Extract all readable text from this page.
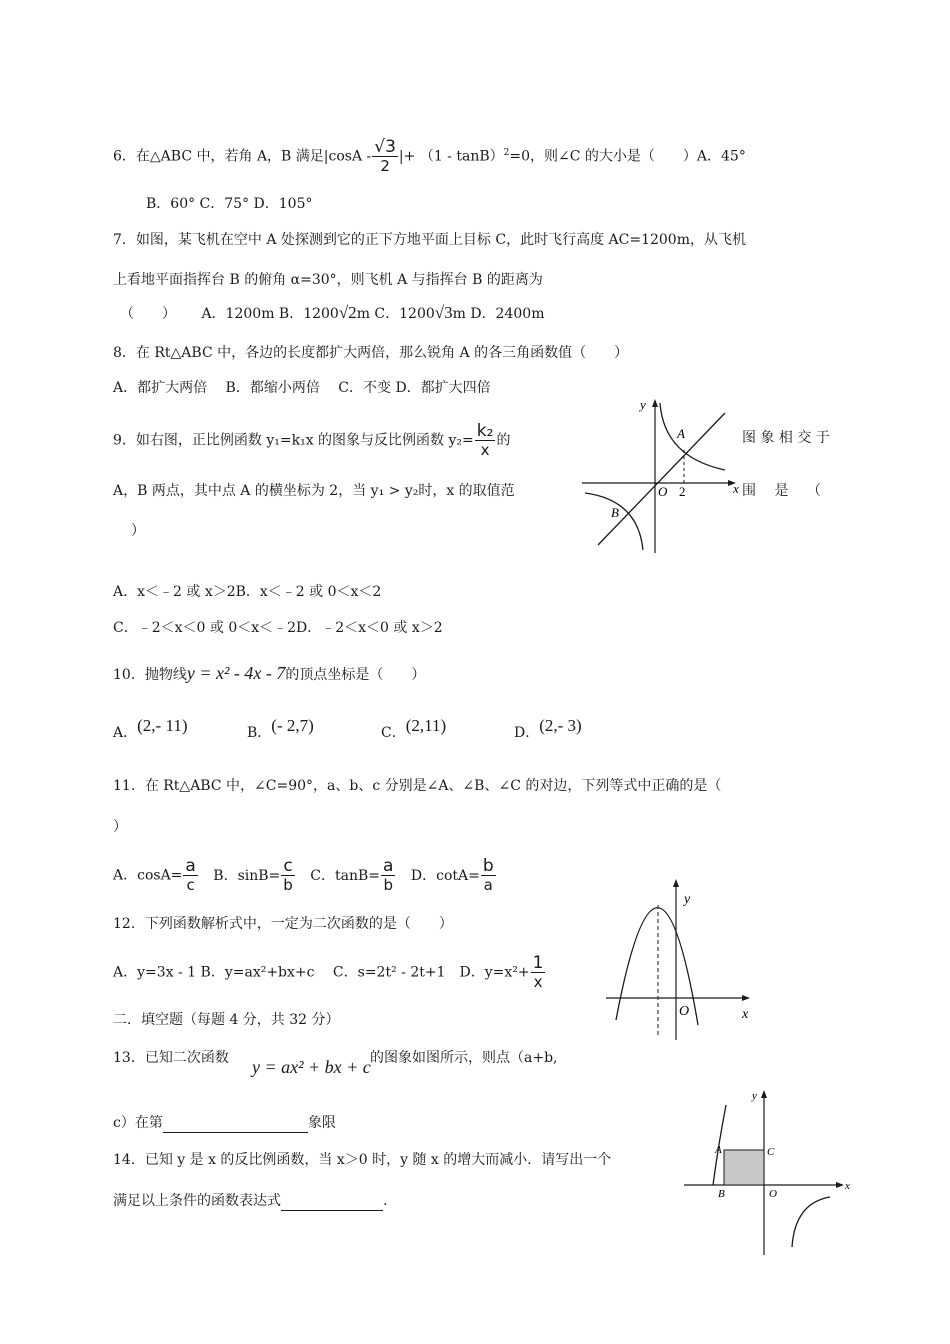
6．在△ABC 中，若角 A，B 满足$|\cos A - \frac{√3}{2}$ |+ （1 - tanB）$^2$=0，则∠C 的大小是（　　）A．45°
B．60° C．75° D．105°
7．如图，某飞机在空中 A 处探测到它的正下方地平面上目标 C，此时飞行高度 AC=1200m，从飞机
上看地平面指挥台 B 的俯角 α=30°，则飞机 A 与指挥台 B 的距离为
（　　）　　 A．1200m B．1200√2m C．1200√3m D．2400m
8．在 Rt△ABC 中，各边的长度都扩大两倍，那么锐角 A 的各三角函数值（　　）
A．都扩大两倍　 B．都缩小两倍　 C．不变 D．都扩大四倍
9．如右图，正比例函数 y₁=k₁x 的图象与反比例函数 $y_2= \frac{\text{k₂}}{x}$ 的	图 象 相 交 于
A，B 两点，其中点 A 的横坐标为 2，当 y₁ > y₂时，x 的取值范	围　 是　 （
）
y
x
A
B
O 2
A．x＜﹣2 或 x＞2B．x＜﹣2 或 0＜x＜2
C．﹣2＜x＜0 或 0＜x＜﹣2D．﹣2＜x＜0 或 x＞2
10．抛物线y = x² - 4x - 7的顶点坐标是（　　）
A．(2,- 11)	B．(- 2,7)	C．(2,11)	D．(2,- 3)
11．在 Rt△ABC 中，∠C=90°，a、b、c 分别是∠A、∠B、∠C 的对边，下列等式中正确的是（
）
A．$\cos A= \frac{a}{c}$ B．$\sin B= \frac{c}{b}$ C．$\tan B= \frac{a}{b}$ D．$\cot A= \frac{b}{a}$
12．下列函数解析式中，一定为二次函数的是（　　）
A．y=3x - 1 B．y=ax²+bx+c　 C．s=2t² - 2t+1　D．$y=x^2+ \frac{1}{x}$
y
x
O
二．填空题（每题 4 分，共 32 分）
13．已知二次函数 y = ax² + bx + c 的图象如图所示，则点（a+b,
c）在第	象限
14．已知 y 是 x 的反比例函数，当 x＞0 时，y 随 x 的增大而减小．请写出一个
满足以上条件的函数表达式	.
y
x
A
B
C
O
